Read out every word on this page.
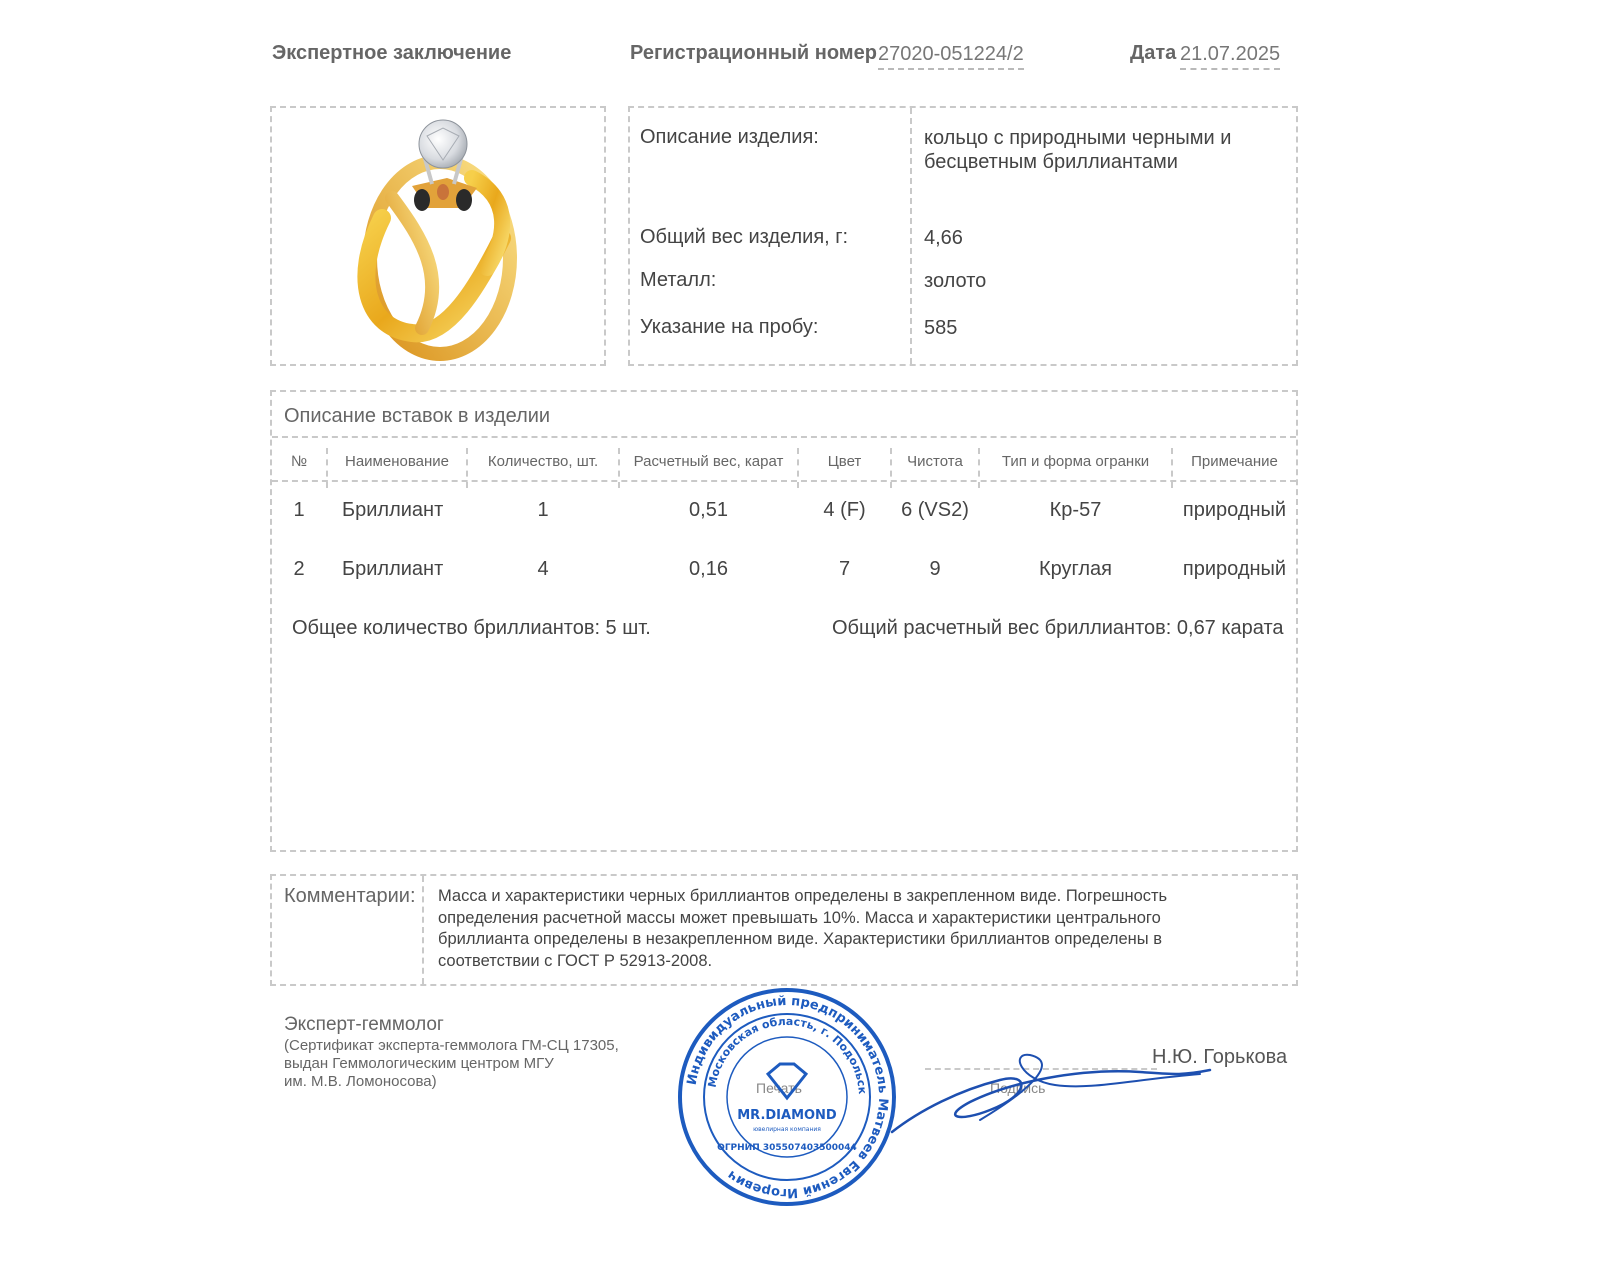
Экспертное заключение	Регистрационный номер 27020-051224/2	Дата 21.07.2025
Описание изделия:	кольцо с природными черными и бесцветным бриллиантами
Общий вес изделия, г:	4,66
Металл:	золото
Указание на пробу:	585
Описание вставок в изделии
№	Наименование	Количество, шт.	Расчетный вес, карат	Цвет	Чистота	Тип и форма огранки	Примечание
1	Бриллиант	1	0,51	4 (F)	6 (VS2)	Кр-57	природный
2	Бриллиант	4	0,16	7	9	Круглая	природный
Общее количество бриллиантов: 5 шт.	Общий расчетный вес бриллиантов: 0,67 карата
Комментарии: Масса и характеристики черных бриллиантов определены в закрепленном виде. Погрешность
определения расчетной массы может превышать 10%. Масса и характеристики центрального
бриллианта определены в незакрепленном виде. Характеристики бриллиантов определены в
соответствии с ГОСТ Р 52913-2008.
Эксперт-геммолог
(Сертификат эксперта-геммолога ГМ-СЦ 17305,
выдан Геммологическим центром МГУ
им. М.В. Ломоносова)	Печать	Подпись
Н.Ю. Горькова
Индивидуальный предприниматель Матвеев Евгений Игоревич
Московская область, г. Подольск
MR.DIAMOND
ювелирная компания
ОГРНИП 305507403500044
